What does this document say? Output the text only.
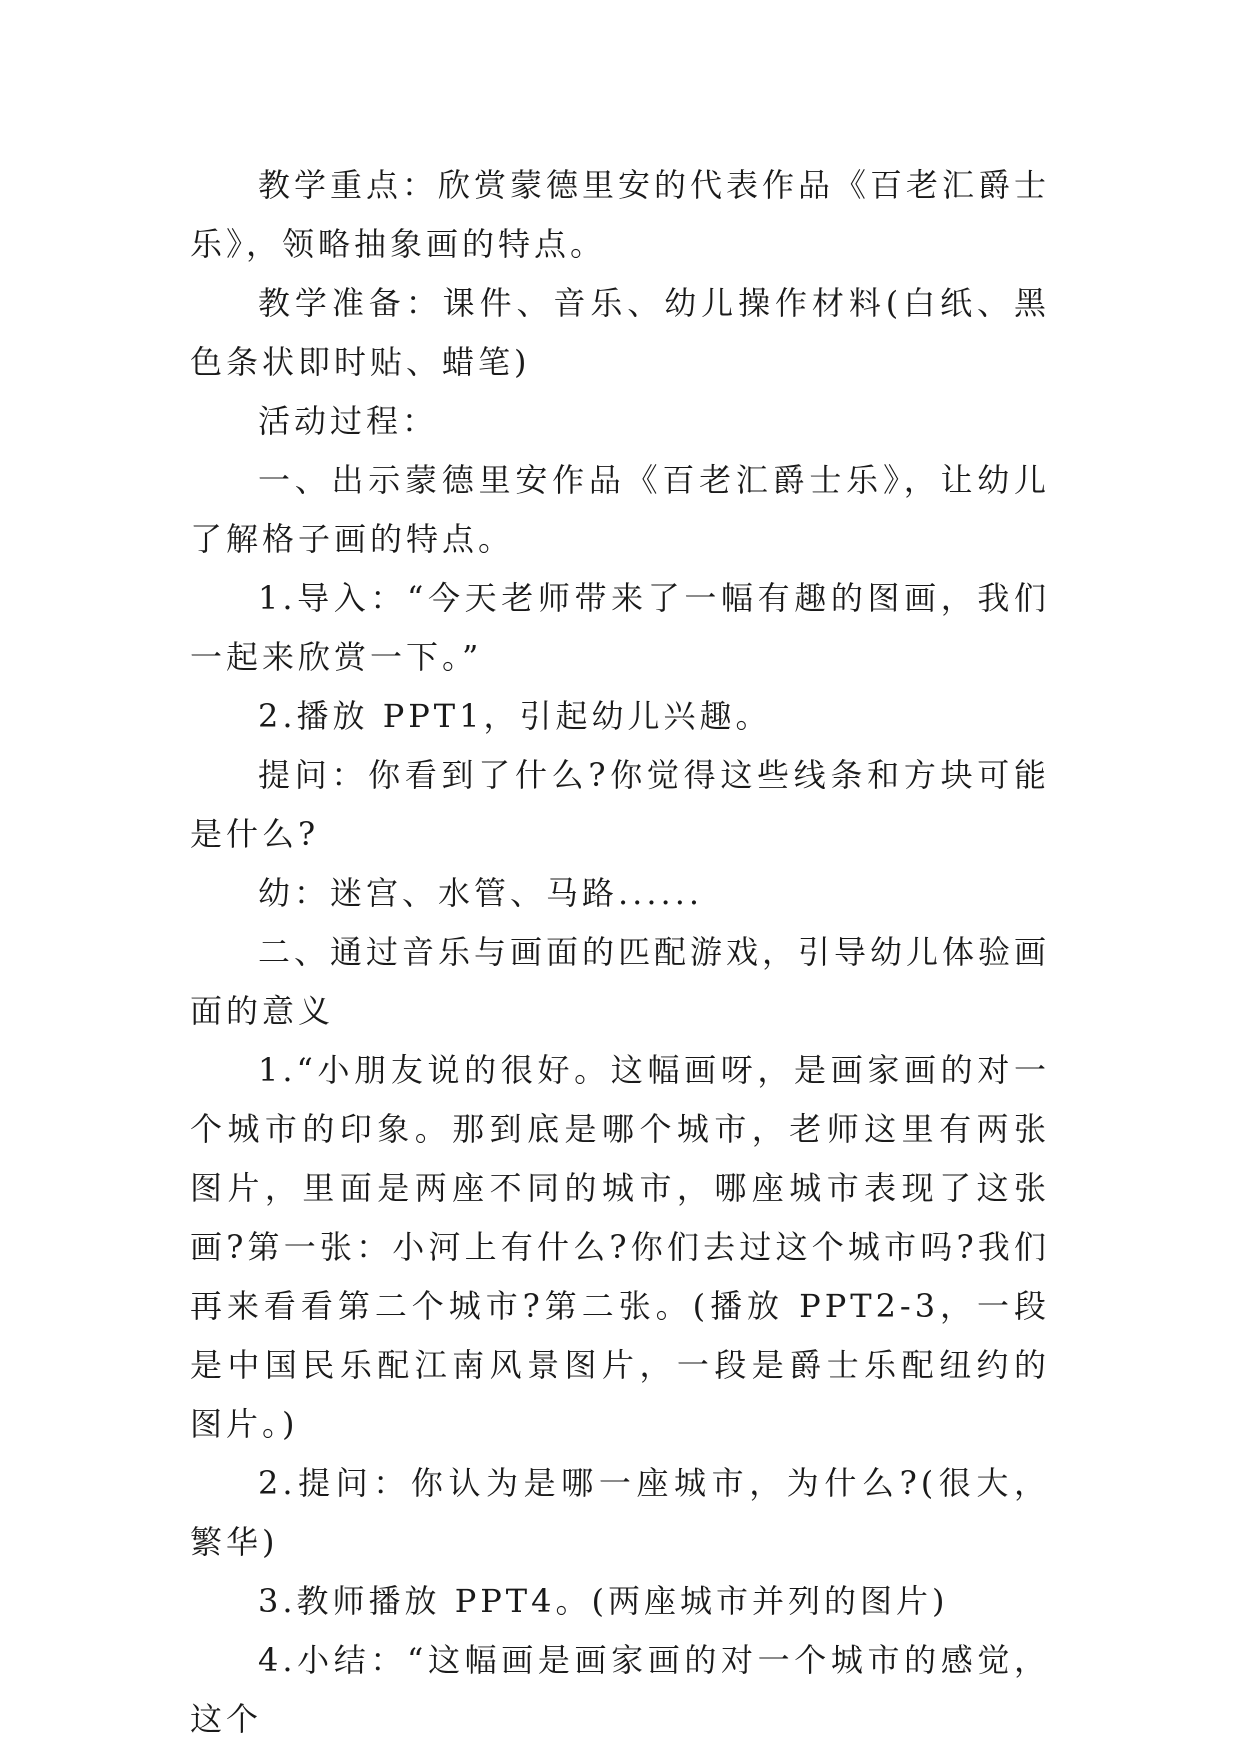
教学重点：欣赏蒙德里安的代表作品《百老汇爵士乐》，领略抽象画的特点。

教学准备：课件、音乐、幼儿操作材料(白纸、黑色条状即时贴、蜡笔)

活动过程：

一、出示蒙德里安作品《百老汇爵士乐》，让幼儿了解格子画的特点。

1.导入：“今天老师带来了一幅有趣的图画，我们一起来欣赏一下。”

2.播放 PPT1，引起幼儿兴趣。

提问：你看到了什么?你觉得这些线条和方块可能是什么?

幼：迷宫、水管、马路......

二、通过音乐与画面的匹配游戏，引导幼儿体验画面的意义

1.“小朋友说的很好。这幅画呀，是画家画的对一个城市的印象。那到底是哪个城市，老师这里有两张图片，里面是两座不同的城市，哪座城市表现了这张画?第一张：小河上有什么?你们去过这个城市吗?我们再来看看第二个城市?第二张。(播放 PPT2-3，一段是中国民乐配江南风景图片，一段是爵士乐配纽约的图片。)

2.提问：你认为是哪一座城市，为什么?(很大，繁华)

3.教师播放 PPT4。(两座城市并列的图片)

4.小结：“这幅画是画家画的对一个城市的感觉，这个
